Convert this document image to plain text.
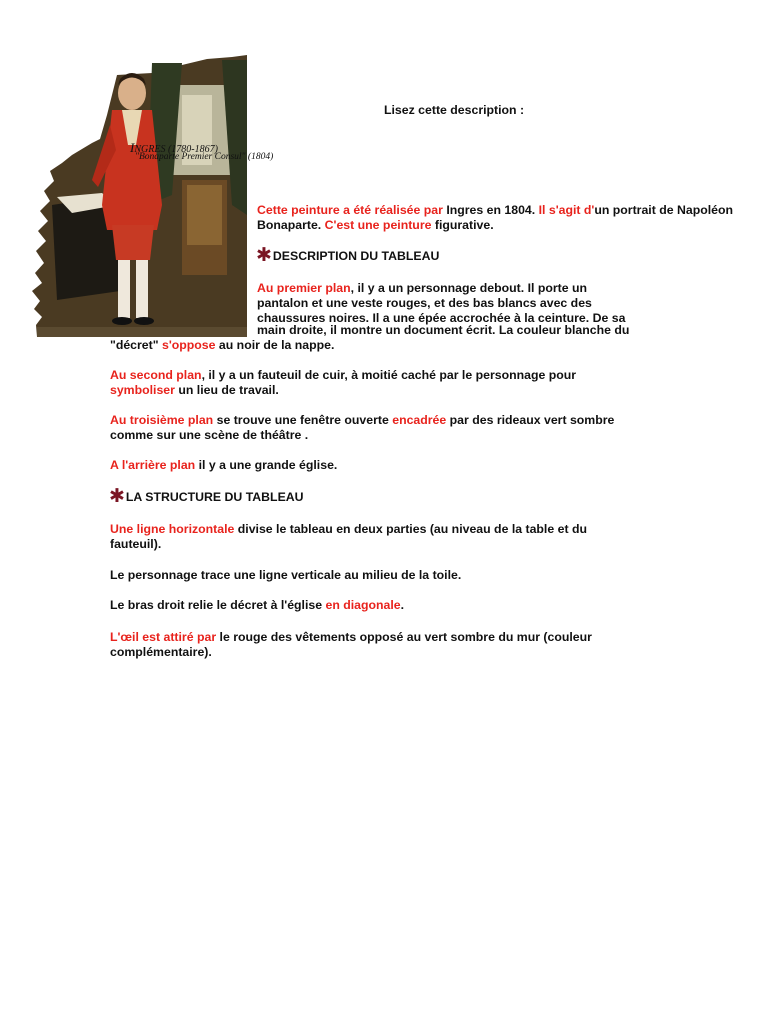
INGRES (1780-1867)
"Bonaparte Premier Consul" (1804)
Lisez cette description :
Cette peinture a été réalisée par Ingres en 1804. Il s'agit d'un portrait de Napoléon Bonaparte. C'est une peinture figurative.
✱ DESCRIPTION DU TABLEAU
Au premier plan, il y a un personnage debout. Il porte un
pantalon et une veste rouges, et des bas blancs avec des
chaussures noires. Il a une épée accrochée à la ceinture. De sa
main droite, il montre un document écrit. La couleur blanche du
"décret" s'oppose au noir de la nappe.
Au second plan, il y a un fauteuil de cuir, à moitié caché par le personnage pour
symboliser un lieu de travail.
Au troisième plan se trouve une fenêtre ouverte encadrée par des rideaux vert sombre
comme sur une scène de théâtre .
A l'arrière plan il y a une grande église.
✱ LA STRUCTURE DU TABLEAU
Une ligne horizontale divise le tableau en deux parties (au niveau de la table et du
fauteuil).
Le personnage trace une ligne verticale au milieu de la toile.
Le bras droit relie le décret à l'église en diagonale.
L'œil est attiré par le rouge des vêtements opposé au vert sombre du mur (couleur
complémentaire).
